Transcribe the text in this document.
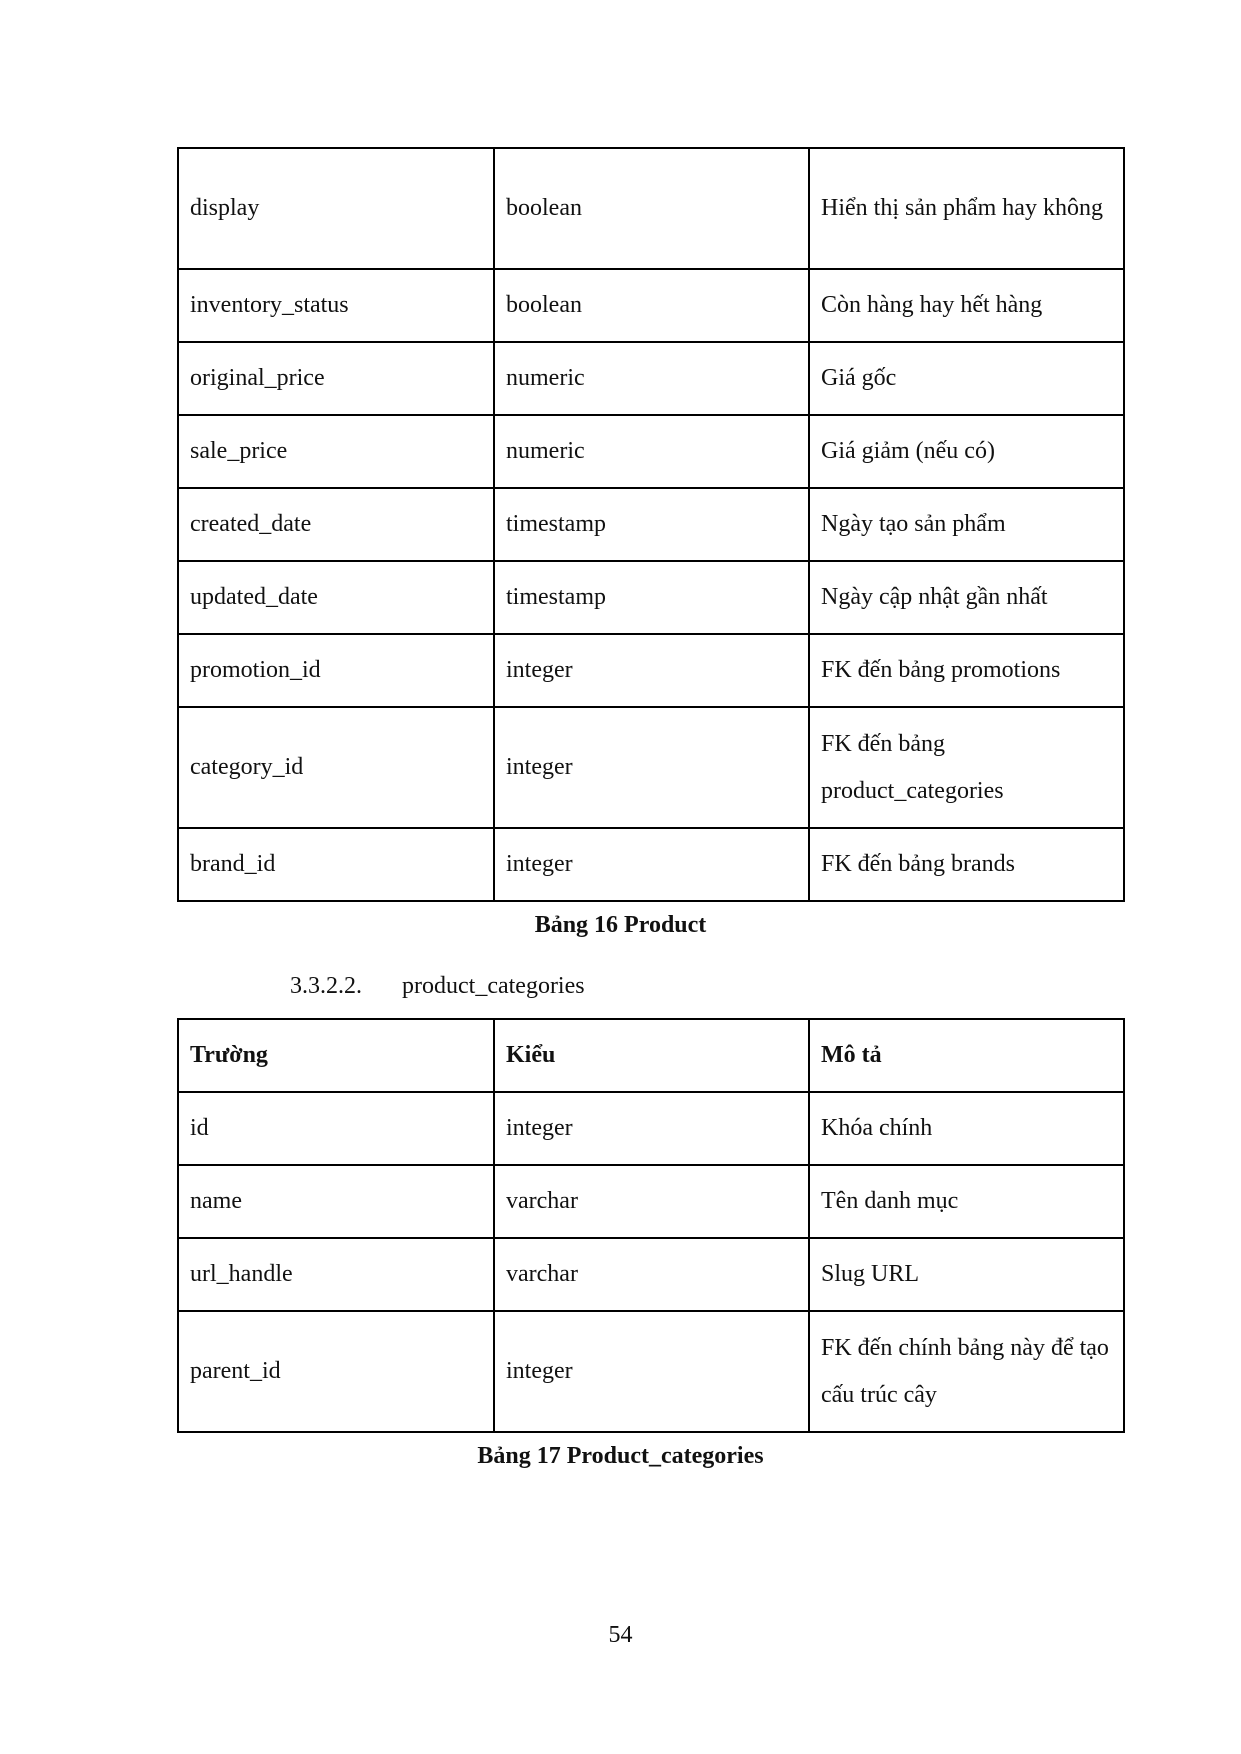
display	boolean	Hiển thị sản phẩm hay không
inventory_status	boolean	Còn hàng hay hết hàng
original_price	numeric	Giá gốc
sale_price	numeric	Giá giảm (nếu có)
created_date	timestamp	Ngày tạo sản phẩm
updated_date	timestamp	Ngày cập nhật gần nhất
promotion_id	integer	FK đến bảng promotions
category_id	integer	FK đến bảng product_categories
brand_id	integer	FK đến bảng brands
Bảng 16 Product
3.3.2.2. product_categories
Trường	Kiểu	Mô tả
id	integer	Khóa chính
name	varchar	Tên danh mục
url_handle	varchar	Slug URL
parent_id	integer	FK đến chính bảng này để tạo cấu trúc cây
Bảng 17 Product_categories
54
